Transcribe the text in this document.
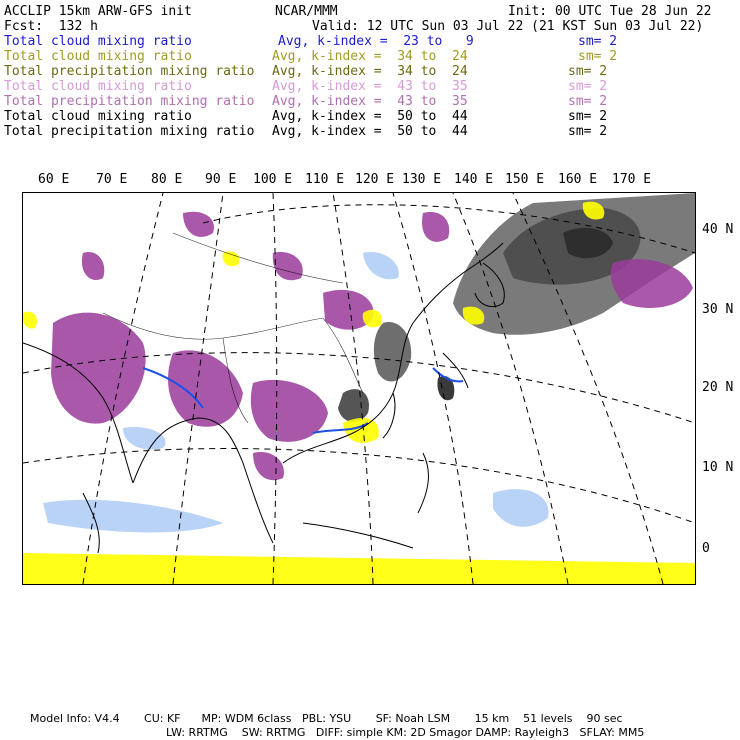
ACCLIP 15km ARW-GFS init	NCAR/MMM	Init: 00 UTC Tue 28 Jun 22
Fcst:  132 h	Valid: 12 UTC Sun 03 Jul 22 (21 KST Sun 03 Jul 22)
Total cloud mixing ratio	Avg, k-index =  23 to   9	sm= 2
Total cloud mixing ratio	Avg, k-index =  34 to  24	sm= 2
Total precipitation mixing ratio Avg, k-index =  34 to  24	sm= 2
Total cloud mixing ratio	Avg, k-index =  43 to  35	sm= 2
Total precipitation mixing ratio Avg, k-index =  43 to  35	sm= 2
Total cloud mixing ratio	Avg, k-index =  50 to  44	sm= 2
Total precipitation mixing ratio Avg, k-index =  50 to  44	sm= 2
60 E 70 E 80 E 90 E 100 E 110 E 120 E 130 E 140 E 150 E 160 E 170 E
40 N
30 N
20 N
10 N
0
Model Info: V4.4       CU: KF      MP: WDM 6class   PBL: YSU       SF: Noah LSM       15 km    51 levels    90 sec
LW: RRTMG    SW: RRTMG   DIFF: simple KM: 2D Smagor DAMP: Rayleigh3   SFLAY: MM5
